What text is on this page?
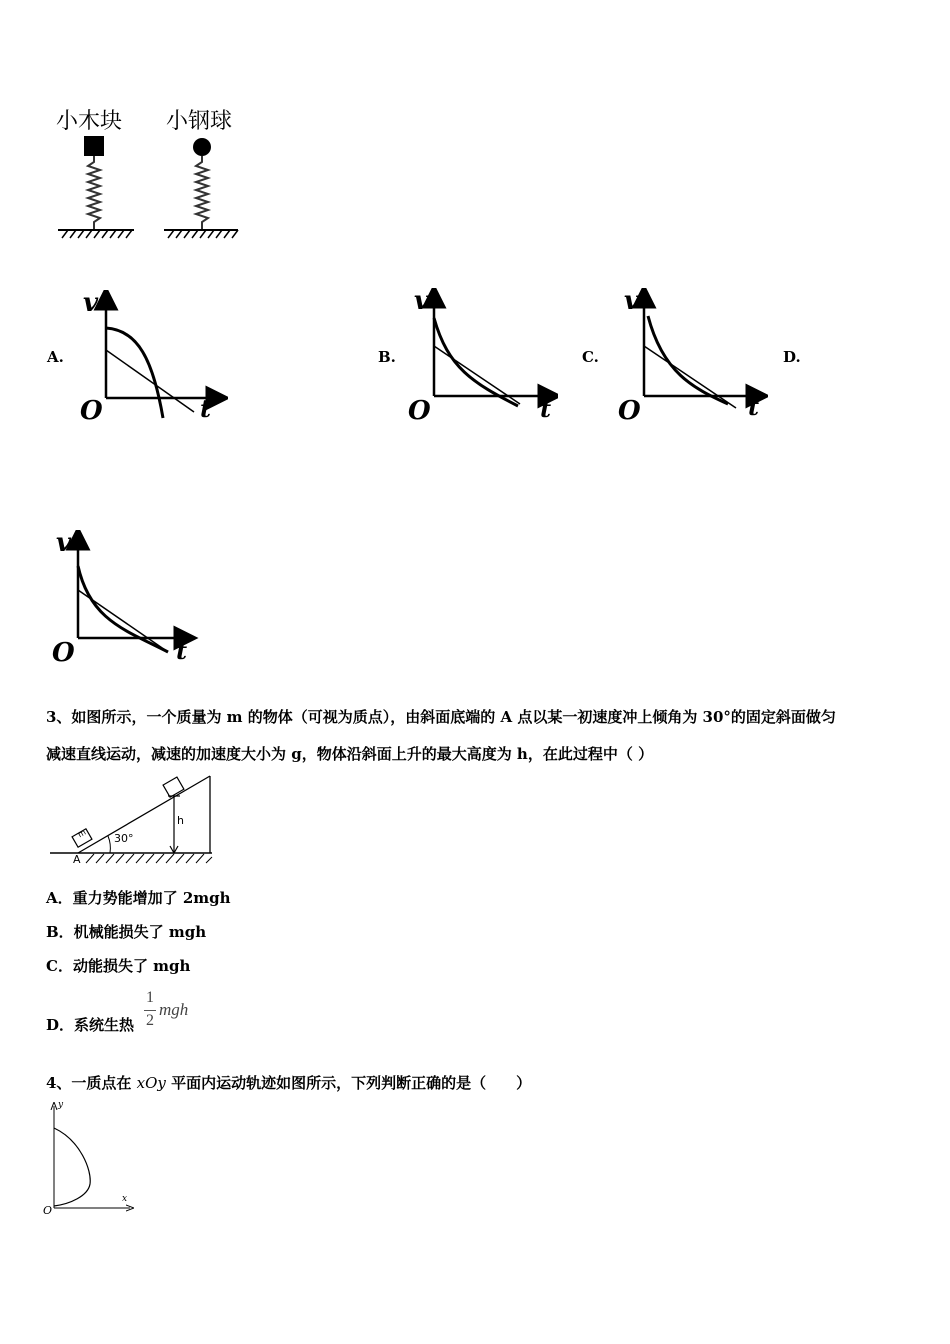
小木块 小钢球
A.	B.	C.	D.
v
t
O
v
t
O
v
t
O
v
t
O
3、如图所示，一个质量为 m 的物体（可视为质点），由斜面底端的 A 点以某一初速度冲上倾角为 30°的固定斜面做匀
减速直线运动，减速的加速度大小为 g，物体沿斜面上升的最大高度为 h，在此过程中（ ）
30°
h
m
A
A．重力势能增加了 2mgh
B．机械能损失了 mgh
C．动能损失了 mgh
D．系统生热
1
2
mgh
4、一质点在 xOy 平面内运动轨迹如图所示，下列判断正确的是（　　）
y
x
O
